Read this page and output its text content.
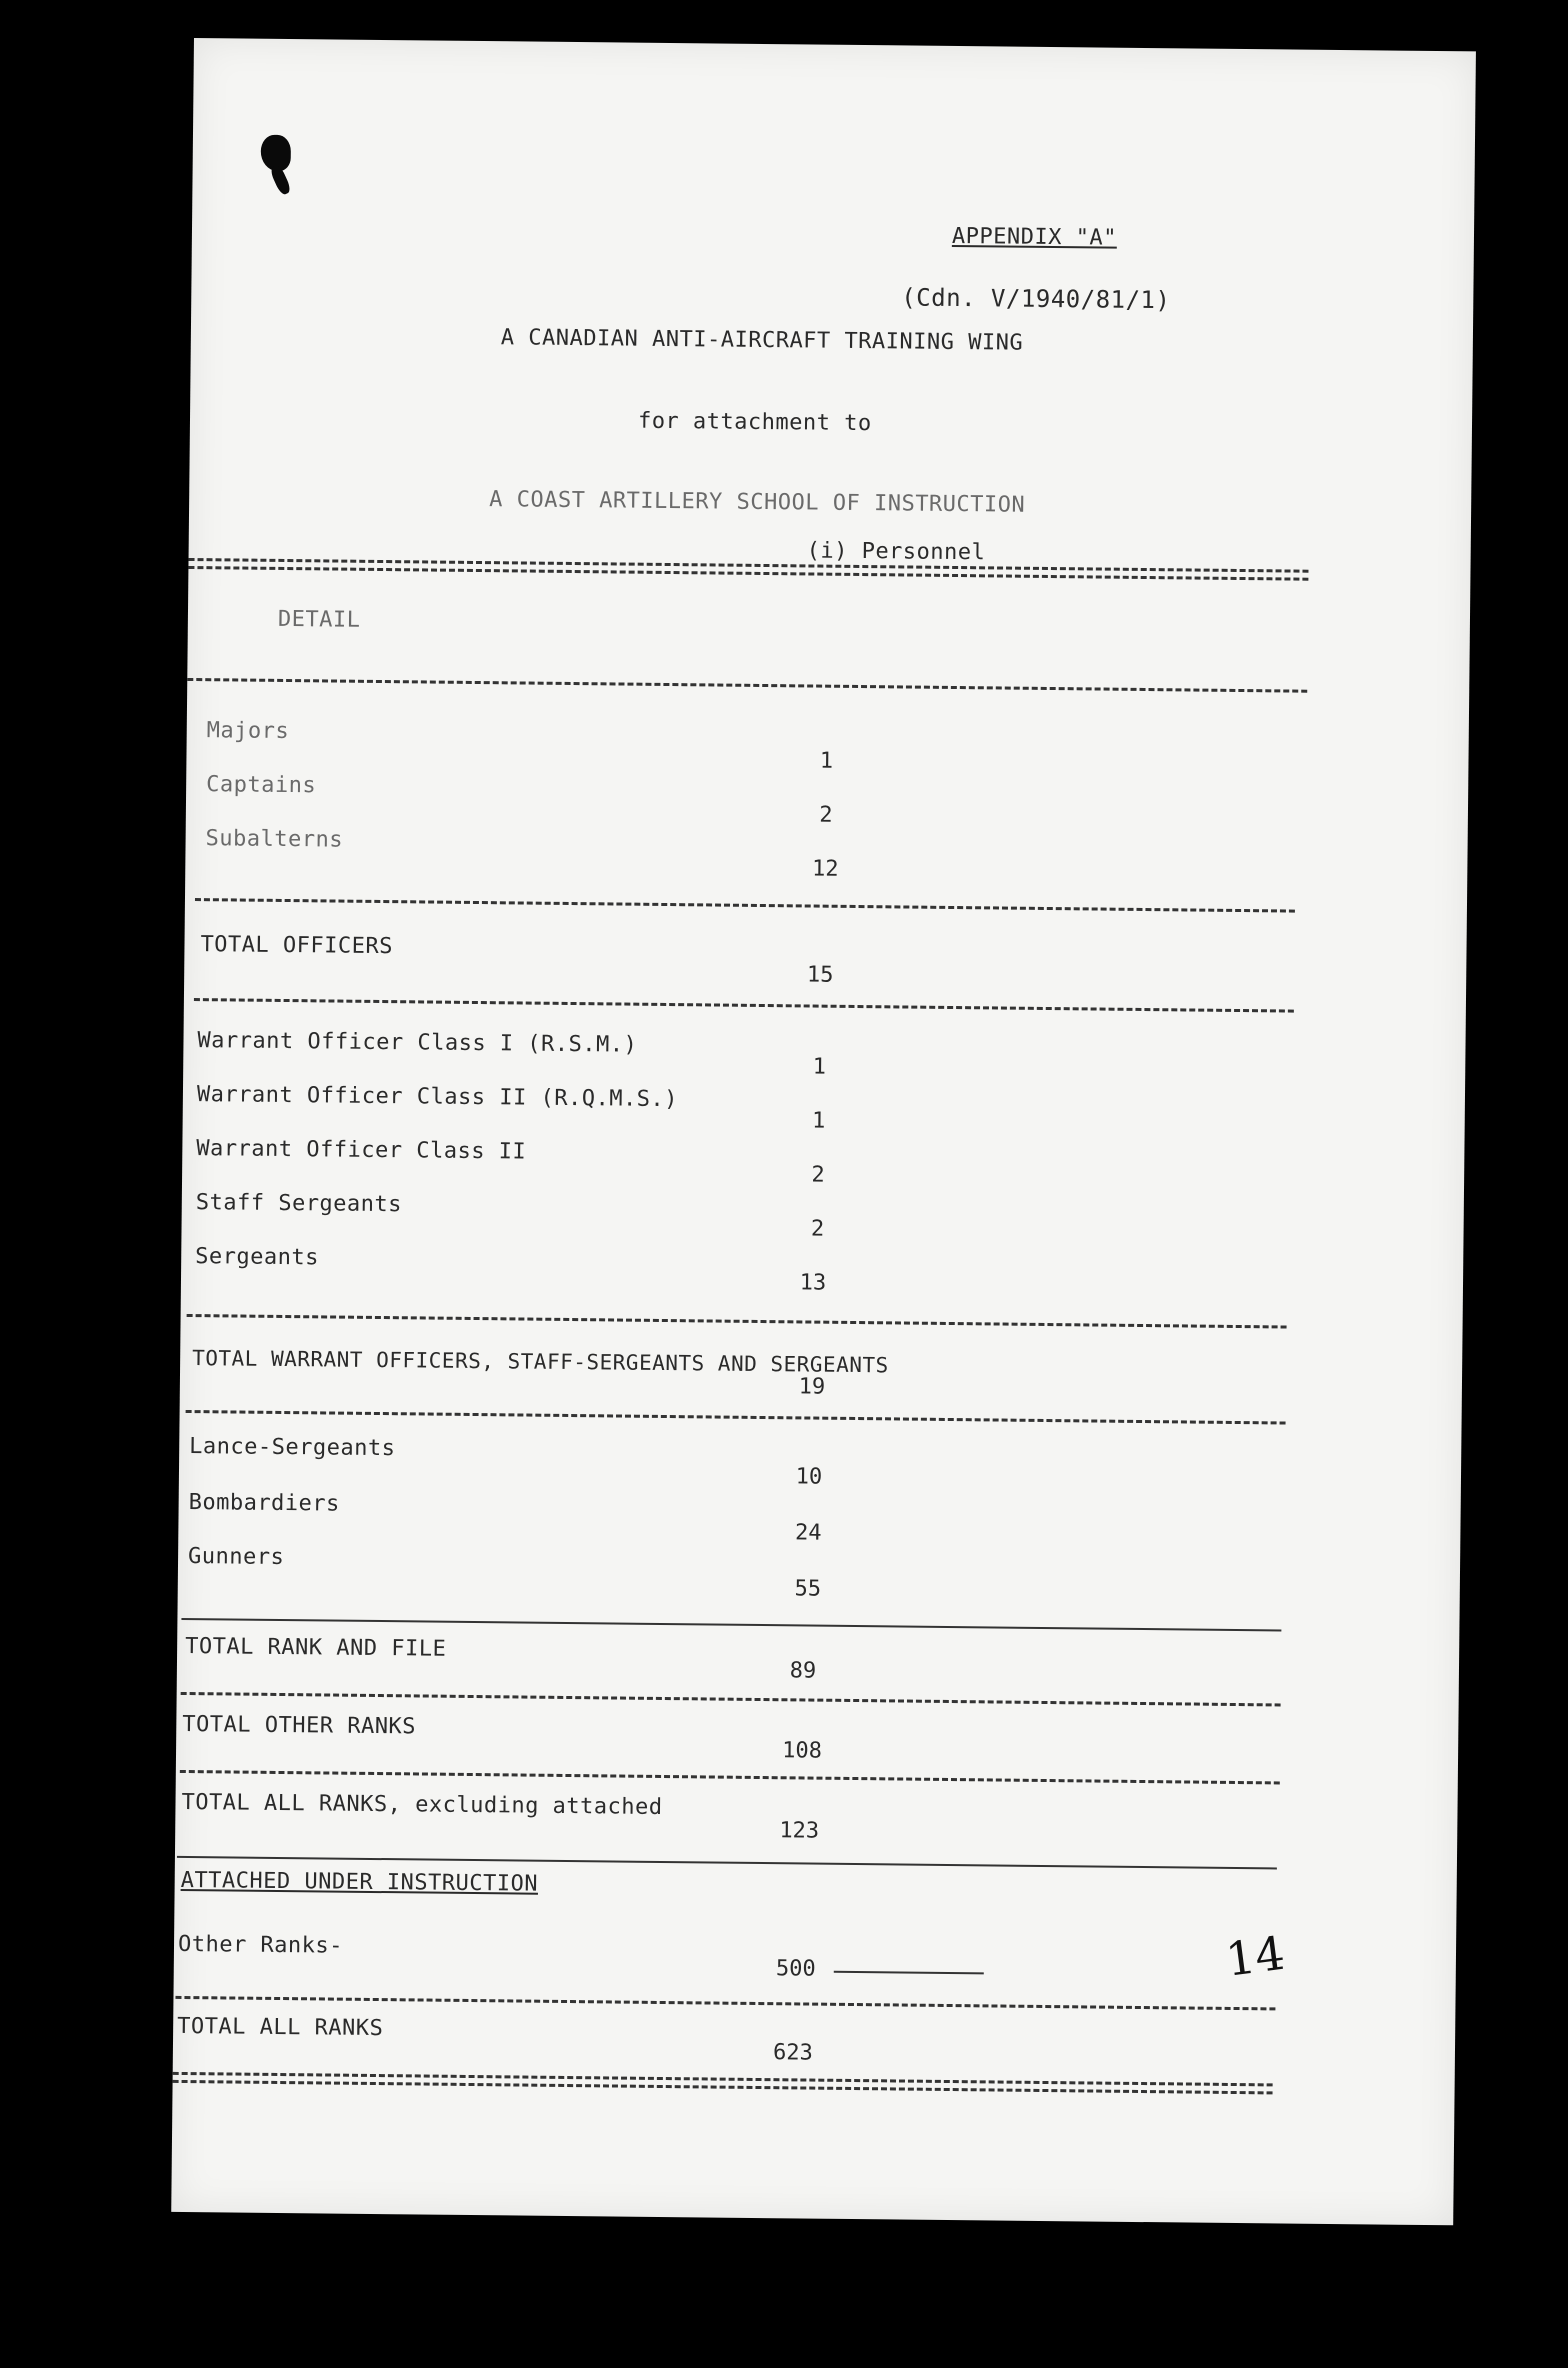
APPENDIX "A"
(Cdn. V/1940/81/1)
A CANADIAN ANTI-AIRCRAFT TRAINING WING
for attachment to
A COAST ARTILLERY SCHOOL OF INSTRUCTION
(i) Personnel
DETAIL
Majors
1
Captains
2
Subalterns
12
TOTAL OFFICERS
15
Warrant Officer Class I (R.S.M.)
1
Warrant Officer Class II (R.Q.M.S.)
1
Warrant Officer Class II
2
Staff Sergeants
2
Sergeants
13
TOTAL WARRANT OFFICERS, STAFF-SERGEANTS AND SERGEANTS
19
Lance-Sergeants
10
Bombardiers
24
Gunners
55
TOTAL RANK AND FILE
89
TOTAL OTHER RANKS
108
TOTAL ALL RANKS, excluding attached
123
ATTACHED UNDER INSTRUCTION
Other Ranks-
500
TOTAL ALL RANKS
623
14
